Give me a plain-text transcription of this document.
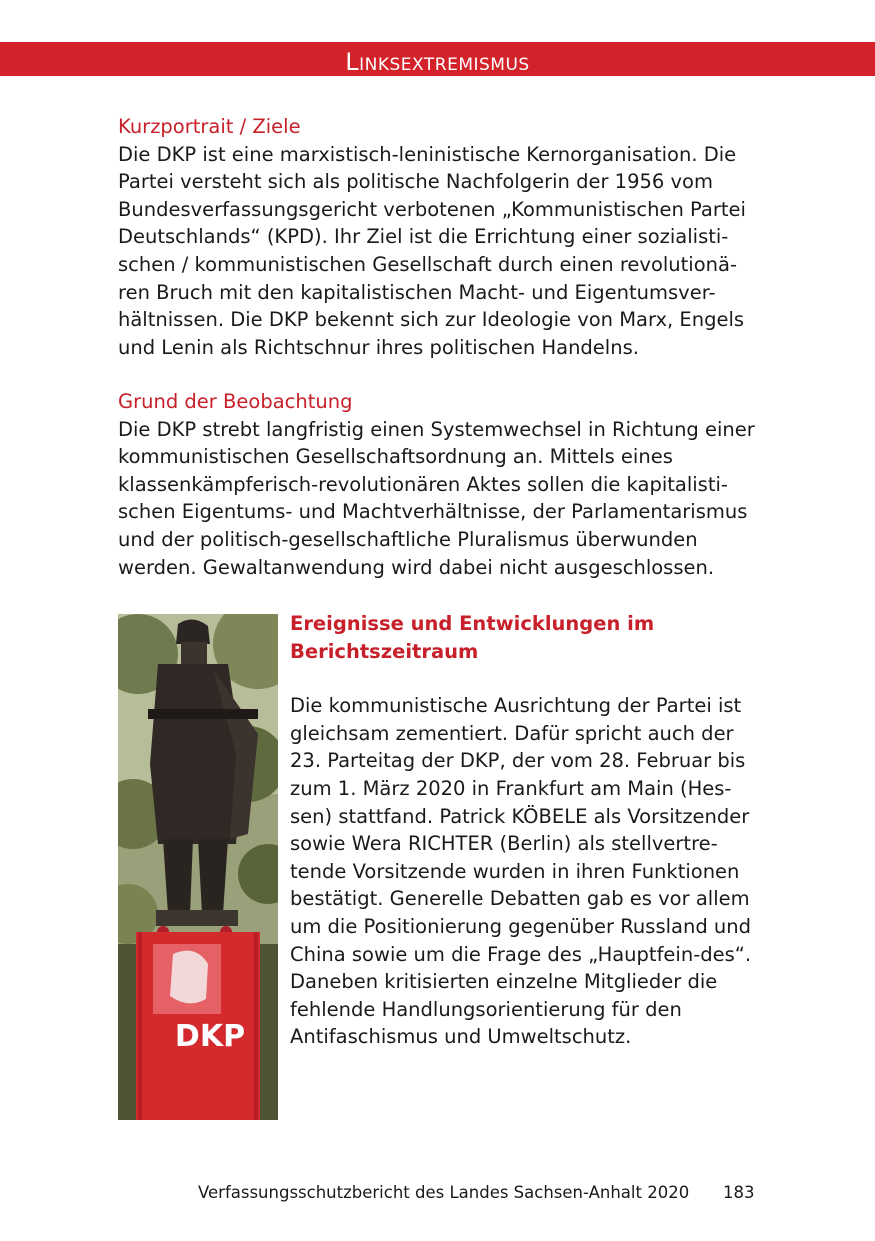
Linksextremismus
Kurzportrait / Ziele
Die DKP ist eine marxistisch-leninistische Kernorganisation. Die Partei versteht sich als politische Nachfolgerin der 1956 vom Bundesverfassungsgericht verbotenen „Kommunistischen Partei Deutschlands“ (KPD). Ihr Ziel ist die Errichtung einer sozialisti-schen / kommunistischen Gesellschaft durch einen revolutionä-ren Bruch mit den kapitalistischen Macht- und Eigentumsver-hältnissen. Die DKP bekennt sich zur Ideologie von Marx, Engels und Lenin als Richtschnur ihres politischen Handelns.
Grund der Beobachtung
Die DKP strebt langfristig einen Systemwechsel in Richtung einer kommunistischen Gesellschaftsordnung an. Mittels eines klassenkämpferisch-revolutionären Aktes sollen die kapitalisti-schen Eigentums- und Machtverhältnisse, der Parlamentarismus und der politisch-gesellschaftliche Pluralismus überwunden werden. Gewaltanwendung wird dabei nicht ausgeschlossen.
DKP
Ereignisse und Entwicklungen im
Berichtszeitraum
Die kommunistische Ausrichtung der Partei ist gleichsam zementiert. Dafür spricht auch der 23. Parteitag der DKP, der vom 28. Februar bis zum 1. März 2020 in Frankfurt am Main (Hes-sen) stattfand. Patrick KÖBELE als Vorsitzender sowie Wera RICHTER (Berlin) als stellvertre-tende Vorsitzende wurden in ihren Funktionen bestätigt. Generelle Debatten gab es vor allem um die Positionierung gegenüber Russland und China sowie um die Frage des „Hauptfein-des“. Daneben kritisierten einzelne Mitglieder die fehlende Handlungsorientierung für den Antifaschismus und Umweltschutz.
Verfassungsschutzbericht des Landes Sachsen-Anhalt 2020 183
